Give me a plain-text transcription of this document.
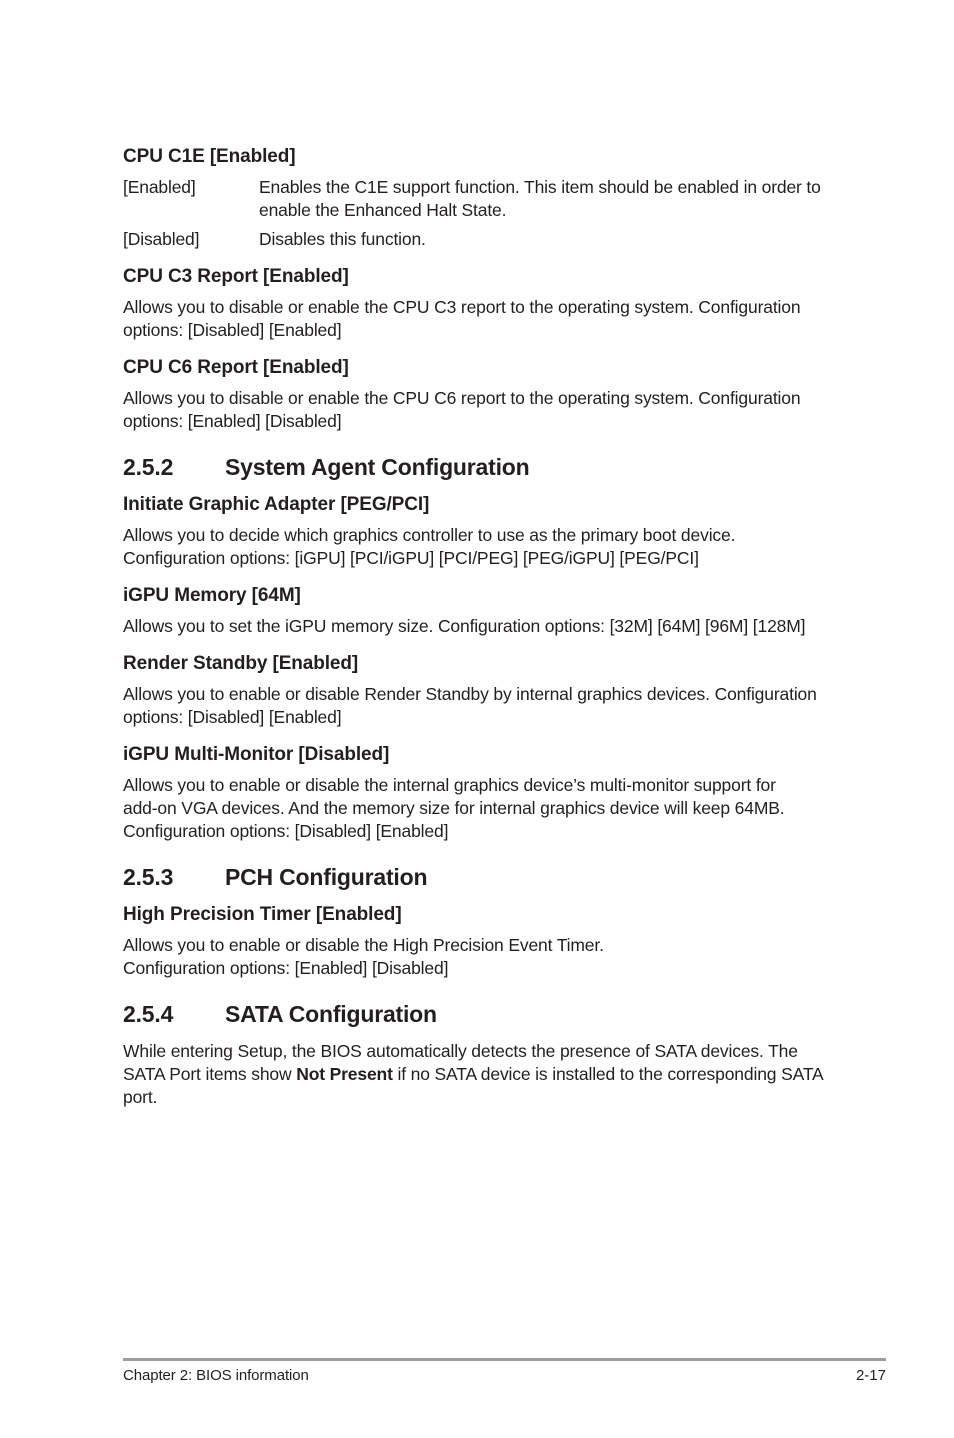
CPU C1E [Enabled]
[Enabled]	Enables the C1E support function. This item should be enabled in order to enable the Enhanced Halt State.
[Disabled]	Disables this function.
CPU C3 Report [Enabled]
Allows you to disable or enable the CPU C3 report to the operating system. Configuration options: [Disabled] [Enabled]
CPU C6 Report [Enabled]
Allows you to disable or enable the CPU C6 report to the operating system. Configuration options: [Enabled] [Disabled]
2.5.2	System Agent Configuration
Initiate Graphic Adapter [PEG/PCI]
Allows you to decide which graphics controller to use as the primary boot device.
Configuration options: [iGPU] [PCI/iGPU] [PCI/PEG] [PEG/iGPU] [PEG/PCI]
iGPU Memory [64M]
Allows you to set the iGPU memory size. Configuration options: [32M] [64M] [96M] [128M]
Render Standby [Enabled]
Allows you to enable or disable Render Standby by internal graphics devices. Configuration options: [Disabled] [Enabled]
iGPU Multi-Monitor [Disabled]
Allows you to enable or disable the internal graphics device’s multi-monitor support for
add-on VGA devices. And the memory size for internal graphics device will keep 64MB.
Configuration options: [Disabled] [Enabled]
2.5.3	PCH Configuration
High Precision Timer [Enabled]
Allows you to enable or disable the High Precision Event Timer.
Configuration options: [Enabled] [Disabled]
2.5.4	SATA Configuration
While entering Setup, the BIOS automatically detects the presence of SATA devices. The SATA Port items show Not Present if no SATA device is installed to the corresponding SATA port.
Chapter 2: BIOS information	2-17
